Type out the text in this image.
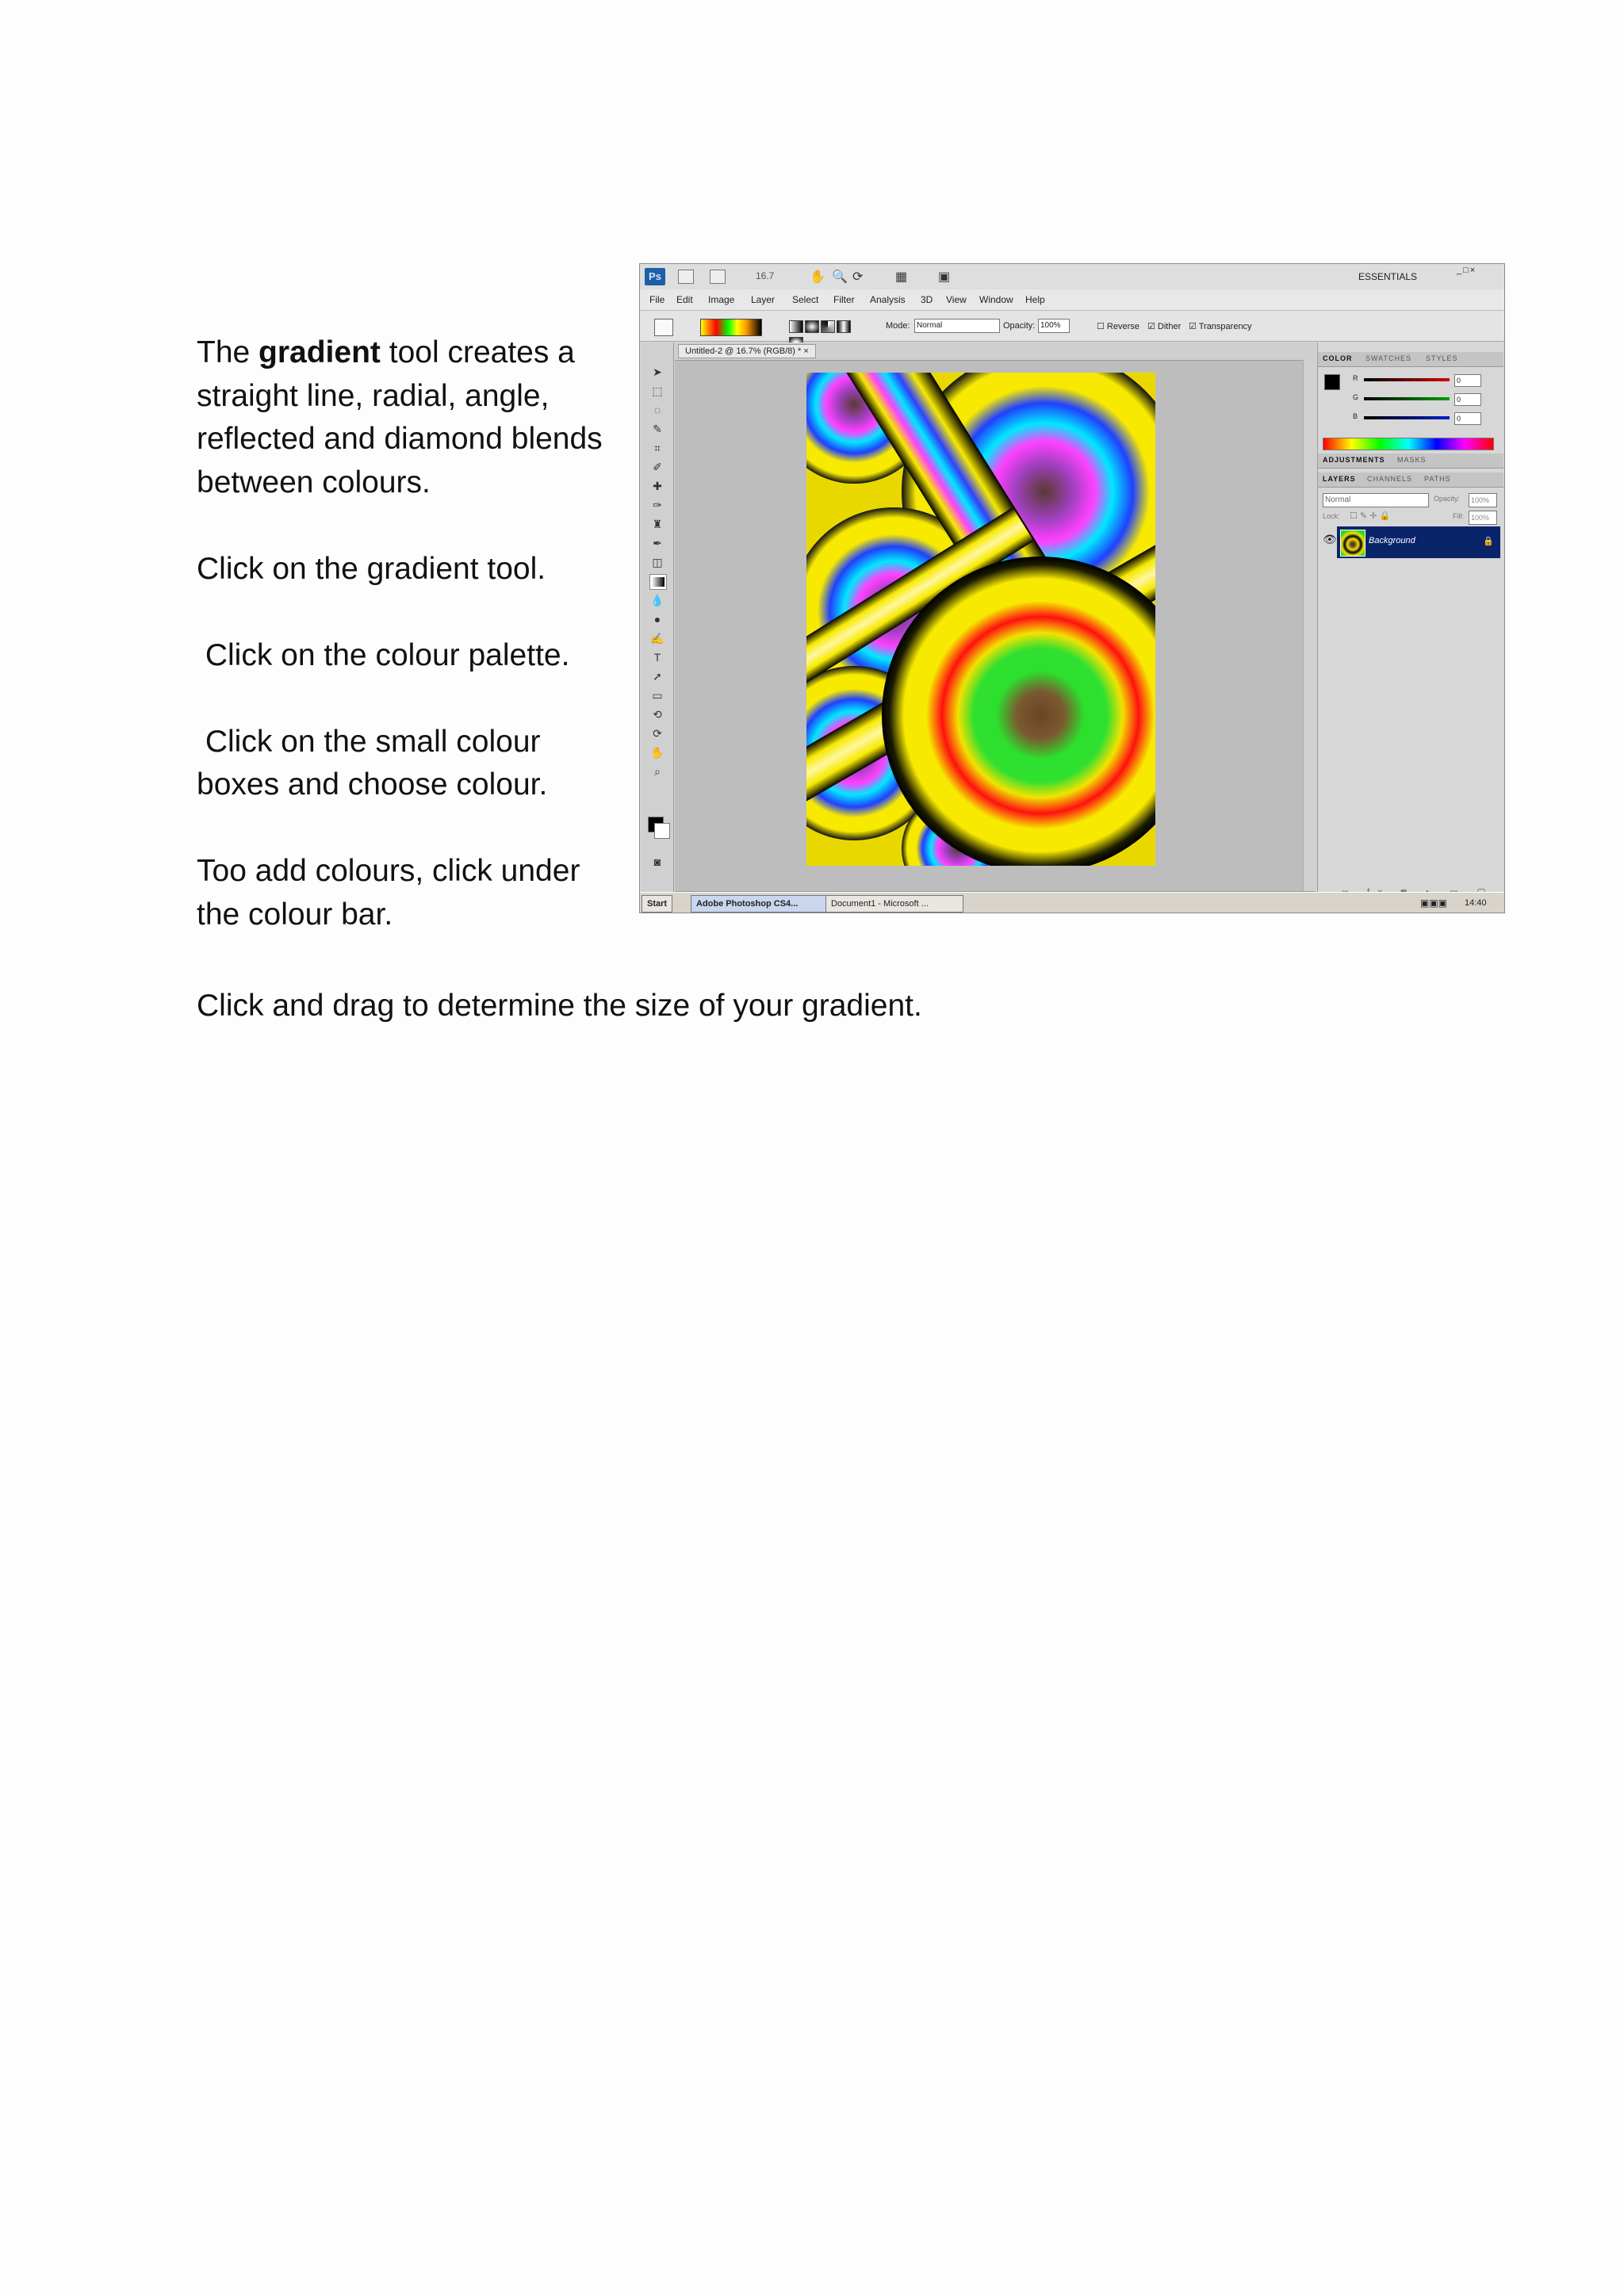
The gradient tool creates a straight line, radial, angle, reflected and diamond blends between colours.

Click on the gradient tool.

Click on the colour palette.

Click on the small colour boxes and choose colour.

Too add colours, click under the colour bar.

Click and drag to determine the size of your gradient.
Ps	16.7	✋ 🔍 ⟳	▦ ▣	ESSENTIALS
_□×
File Edit Image Layer Select Filter Analysis 3D View Window Help
Mode: Normal	Opacity: 100%	☐ Reverse ☑ Dither ☑ Transparency
➤
⬚
◌
✎
⌗
✐
✚
✑
♜
✒
◫
💧
●
✍
T
➚
▭
⟲
⟳
✋
⌕
◙
Untitled-2 @ 16.7% (RGB/8) * ×
COLOR SWATCHES STYLES
R	0
G	0
B	0
ADJUSTMENTS MASKS
LAYERS CHANNELS PATHS
Normal	Opacity:	100%
Lock: ☐ ✎ ✛ 🔒	Fill:	100%
👁	Background	🔒
Start	Adobe Photoshop CS4...	Document1 - Microsoft ...	▣▣▣ 14:40
